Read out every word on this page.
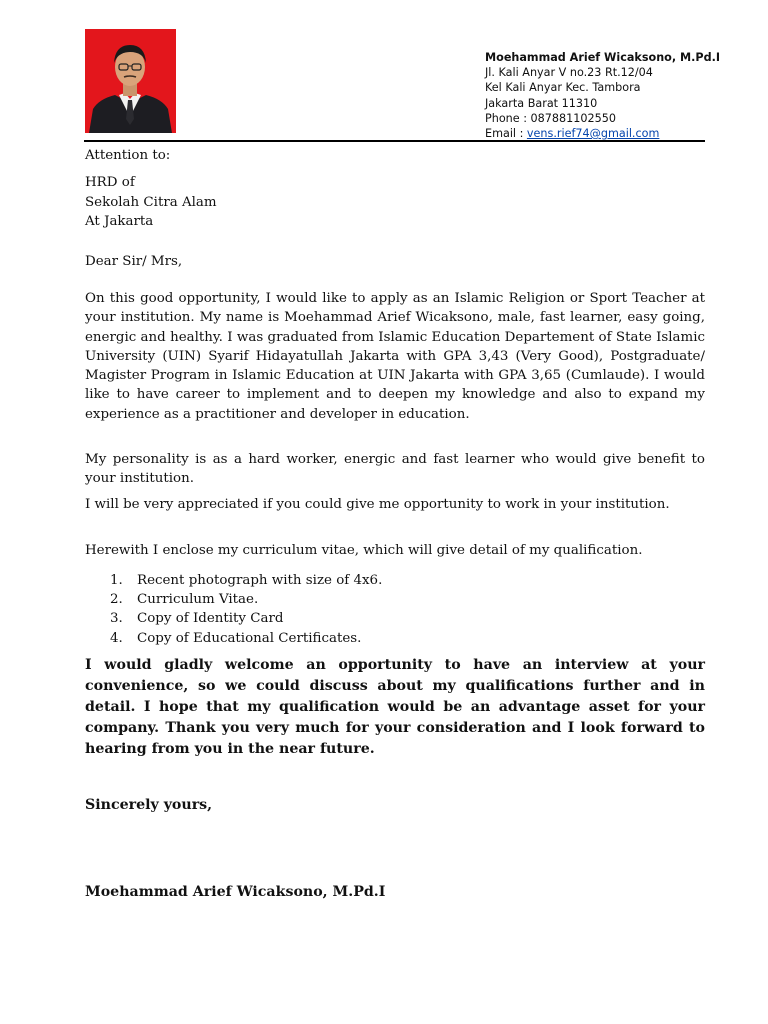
Moehammad Arief Wicaksono, M.Pd.I
Jl. Kali Anyar V no.23 Rt.12/04
Kel Kali Anyar Kec. Tambora
Jakarta Barat 11310
Phone : 087881102550
Email : vens.rief74@gmail.com
Attention to:
HRD of
Sekolah Citra Alam
At Jakarta
Dear Sir/ Mrs,
On this good opportunity, I would like to apply as an Islamic Religion or Sport Teacher at your institution. My name is Moehammad Arief Wicaksono, male, fast learner, easy going, energic and healthy. I was graduated from Islamic Education Departement of State Islamic University (UIN) Syarif Hidayatullah Jakarta with GPA 3,43 (Very Good), Postgraduate/ Magister Program in Islamic Education at UIN Jakarta with GPA 3,65 (Cumlaude). I would like to have career to implement and to deepen my knowledge and also to expand my experience as a practitioner and developer in education.
My personality is as a hard worker, energic and fast learner who would give benefit to your institution.
I will be very appreciated if you could give me opportunity to work in your institution.
Herewith I enclose my curriculum vitae, which will give detail of my qualification.
1. Recent photograph with size of 4x6.
2. Curriculum Vitae.
3. Copy of Identity Card
4. Copy of Educational Certificates.
I would gladly welcome an opportunity to have an interview at your convenience, so we could discuss about my qualifications further and in detail. I hope that my qualification would be an advantage asset for your company. Thank you very much for your consideration and I look forward to hearing from you in the near future.
Sincerely yours,
Moehammad Arief Wicaksono, M.Pd.I
